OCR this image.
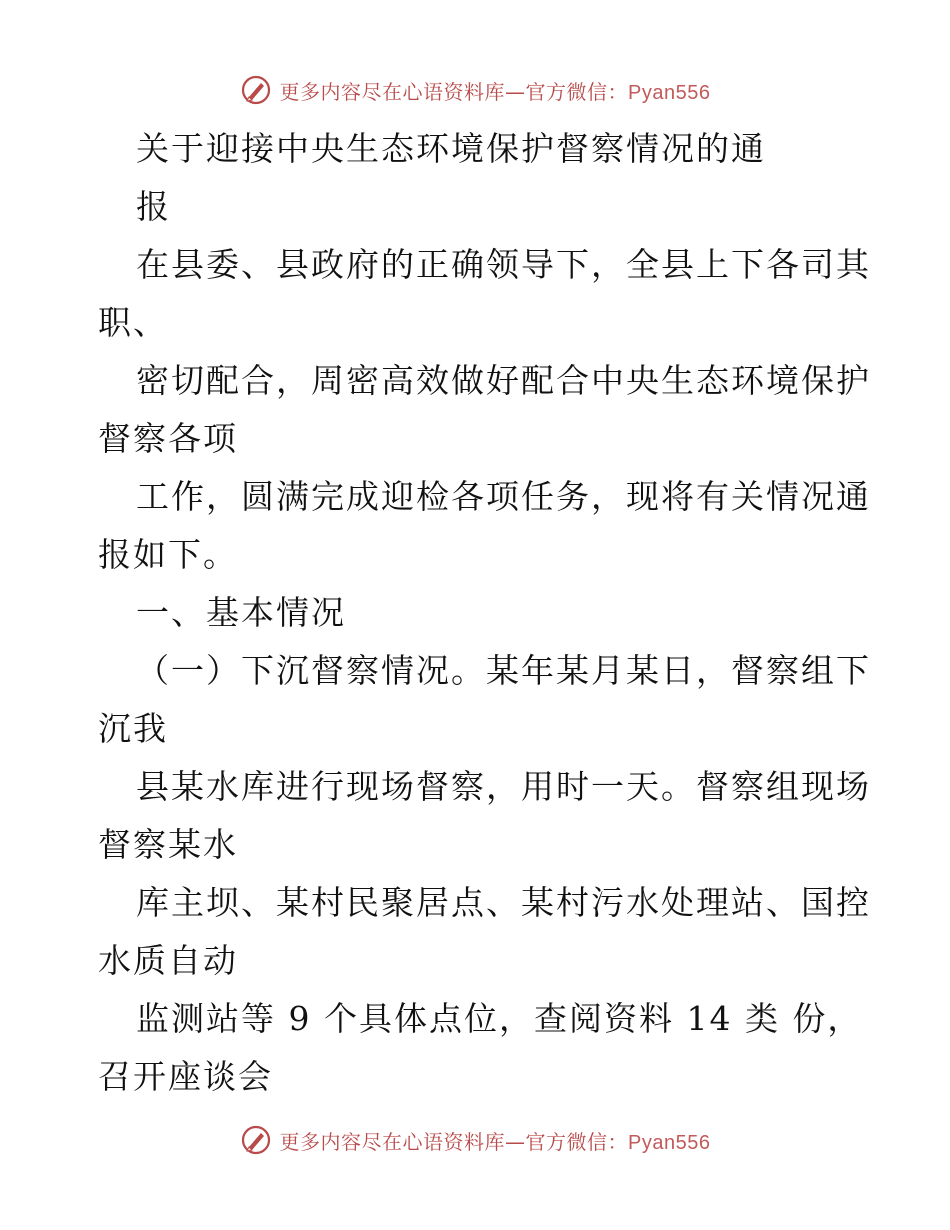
更多内容尽在心语资料库—官方微信：Pyan556
关于迎接中央生态环境保护督察情况的通
报
在县委、县政府的正确领导下，全县上下各司其
职、
密切配合，周密高效做好配合中央生态环境保护
督察各项
工作，圆满完成迎检各项任务，现将有关情况通
报如下。
一、基本情况
（一）下沉督察情况。某年某月某日，督察组下
沉我
县某水库进行现场督察，用时一天。督察组现场
督察某水
库主坝、某村民聚居点、某村污水处理站、国控
水质自动
监测站等 9 个具体点位，查阅资料 14 类 份，
召开座谈会
更多内容尽在心语资料库—官方微信：Pyan556
